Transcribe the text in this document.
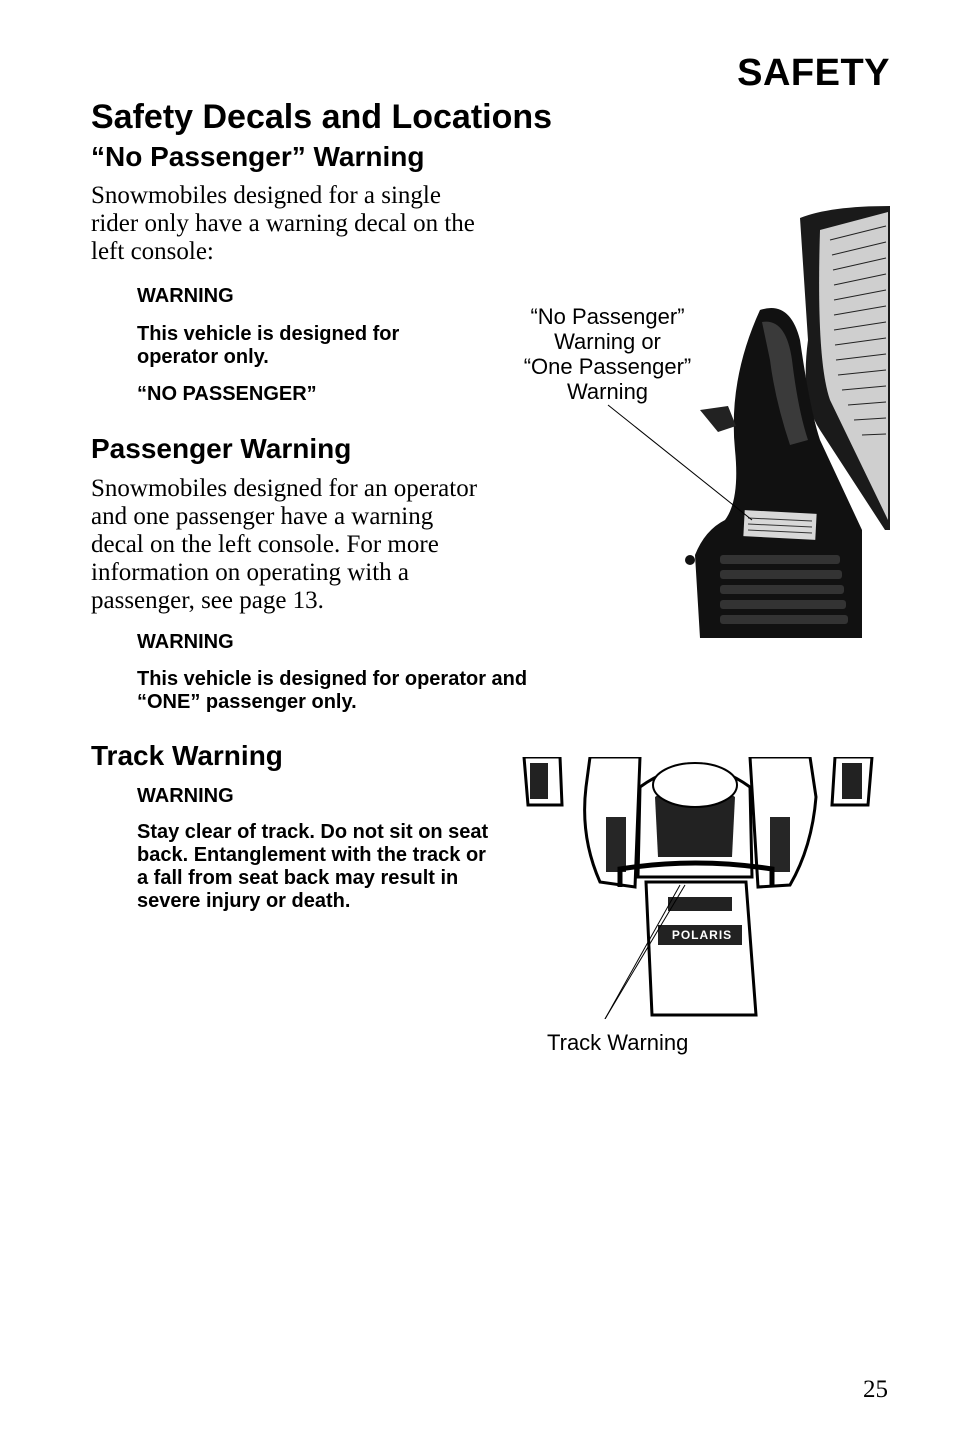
SAFETY
Safety Decals and Locations
“No Passenger” Warning
Snowmobiles designed for a single rider only have a warning decal on the left console:
WARNING
This vehicle is designed for operator only.
“NO PASSENGER”
Passenger Warning
Snowmobiles designed for an operator and one passenger have a warning decal on the left console. For more information on operating with a passenger, see page 13.
WARNING
This vehicle is designed for operator and “ONE” passenger only.
Track Warning
WARNING
Stay clear of track. Do not sit on seat back. Entanglement with the track or a fall from seat back may result in severe injury or death.
“No Passenger”
Warning or
“One Passenger”
Warning
POLARIS
Track Warning
25
